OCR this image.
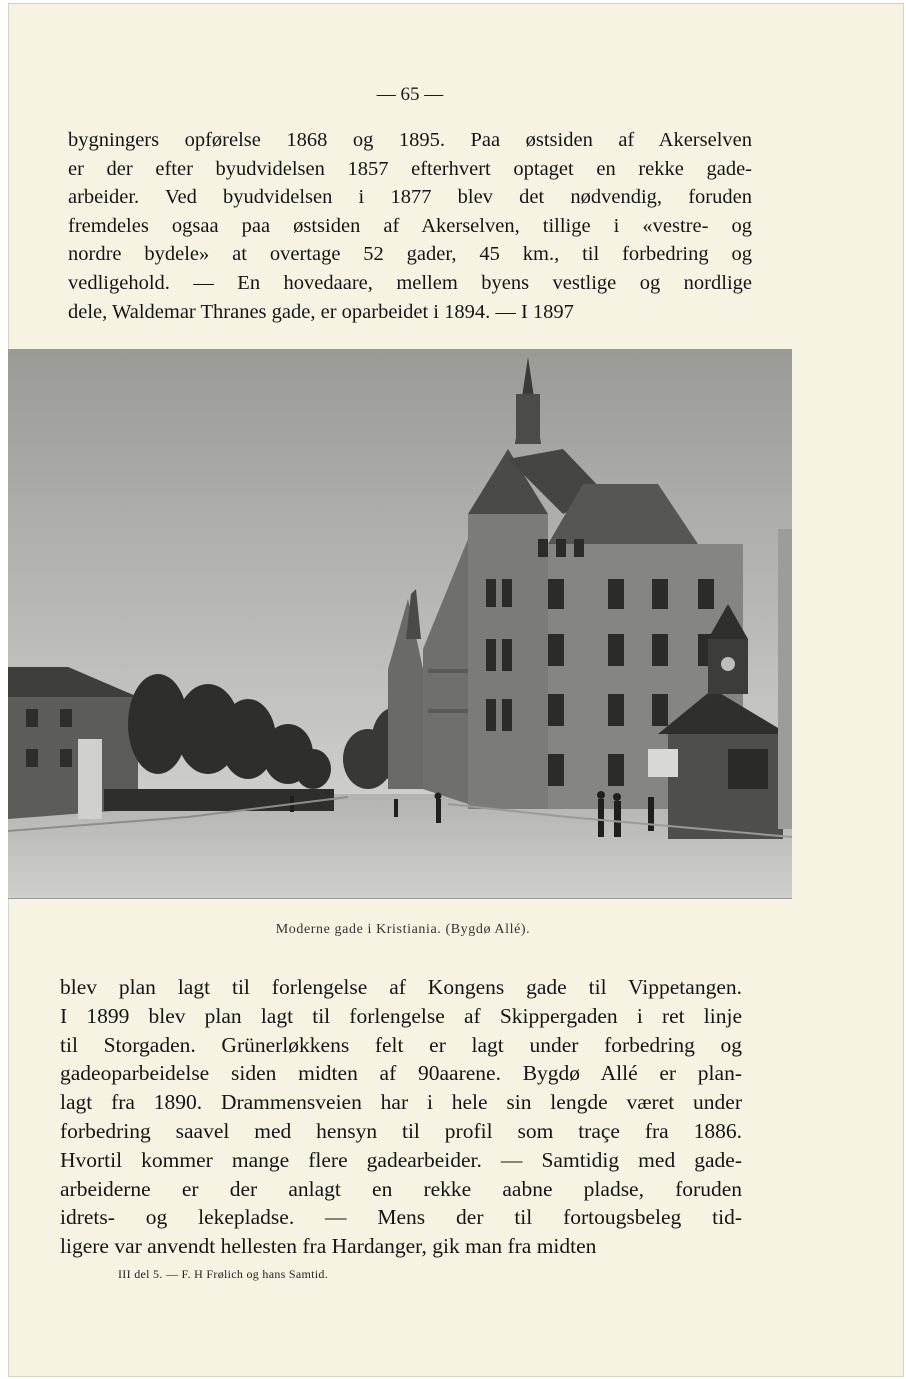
— 65 —

bygningers opførelse 1868 og 1895. Paa østsiden af Akerselven
er der efter byudvidelsen 1857 efterhvert optaget en rekke gade-
arbeider. Ved byudvidelsen i 1877 blev det nødvendig, foruden
fremdeles ogsaa paa østsiden af Akerselven, tillige i «vestre- og
nordre bydele» at overtage 52 gader, 45 km., til forbedring og
vedligehold. — En hovedaare, mellem byens vestlige og nordlige
dele, Waldemar Thranes gade, er oparbeidet i 1894. — I 1897

Moderne gade i Kristiania. (Bygdø Allé).

blev plan lagt til forlengelse af Kongens gade til Vippetangen.
I 1899 blev plan lagt til forlengelse af Skippergaden i ret linje
til Storgaden. Grünerløkkens felt er lagt under forbedring og
gadeoparbeidelse siden midten af 90aarene. Bygdø Allé er plan-
lagt fra 1890. Drammensveien har i hele sin lengde været under
forbedring saavel med hensyn til profil som traçe fra 1886.
Hvortil kommer mange flere gadearbeider. — Samtidig med gade-
arbeiderne er der anlagt en rekke aabne pladse, foruden
idrets- og lekepladse. — Mens der til fortougsbeleg tid-
ligere var anvendt hellesten fra Hardanger, gik man fra midten

III del 5. — F. H Frølich og hans Samtid.
